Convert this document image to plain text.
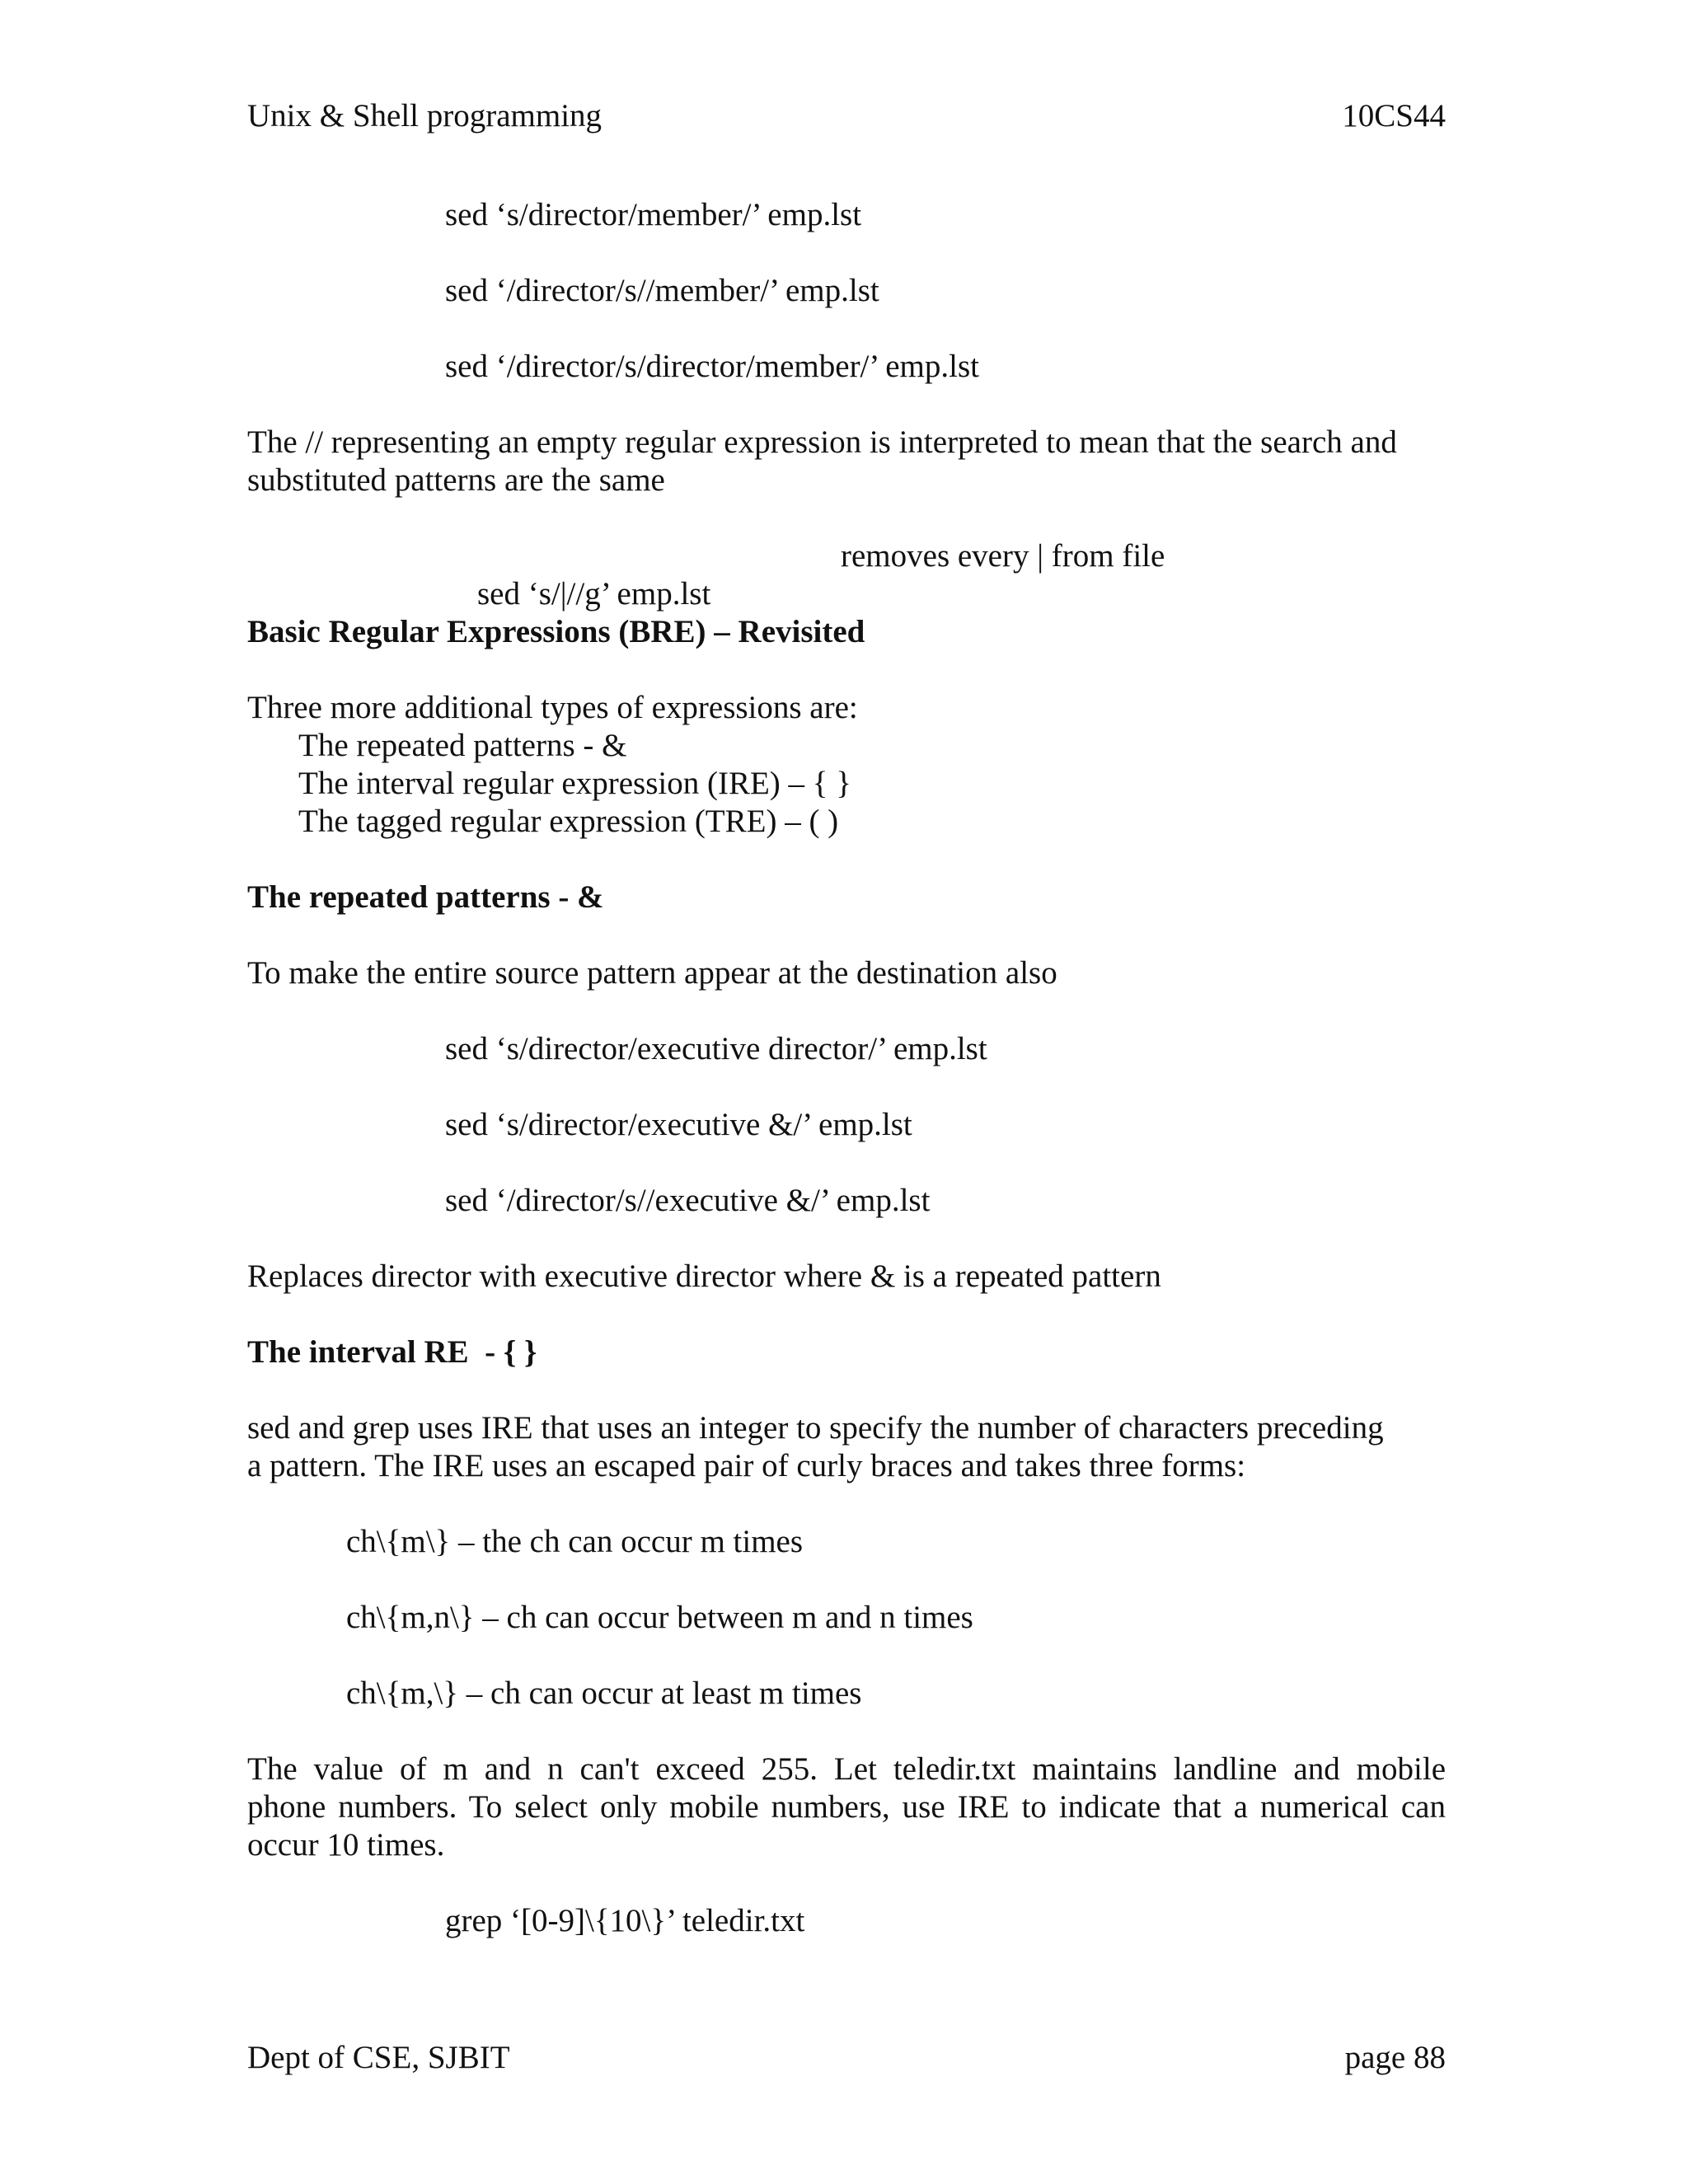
Unix & Shell programming	10CS44
sed ‘s/director/member/’ emp.lst
sed ‘/director/s//member/’ emp.lst
sed ‘/director/s/director/member/’ emp.lst
The // representing an empty regular expression is interpreted to mean that the search and
substituted patterns are the same

sed ‘s/|//g’ emp.lst

removes every | from file

Basic Regular Expressions (BRE) – Revisited
Three more additional types of expressions are:
The repeated patterns - &
The interval regular expression (IRE) – { }
The tagged regular expression (TRE) – ( )
The repeated patterns - &
To make the entire source pattern appear at the destination also
sed ‘s/director/executive director/’ emp.lst
sed ‘s/director/executive &/’ emp.lst
sed ‘/director/s//executive &/’ emp.lst
Replaces director with executive director where & is a repeated pattern
The interval RE  - { }
sed and grep uses IRE that uses an integer to specify the number of characters preceding
a pattern. The IRE uses an escaped pair of curly braces and takes three forms:
ch\{m\} – the ch can occur m times
ch\{m,n\} – ch can occur between m and n times
ch\{m,\} – ch can occur at least m times
The value of m and n can't exceed 255. Let teledir.txt maintains landline and mobile
phone numbers. To select only mobile numbers, use IRE to indicate that a numerical can
occur 10 times.
grep ‘[0-9]\{10\}’ teledir.txt
Dept of CSE, SJBIT	page 88
